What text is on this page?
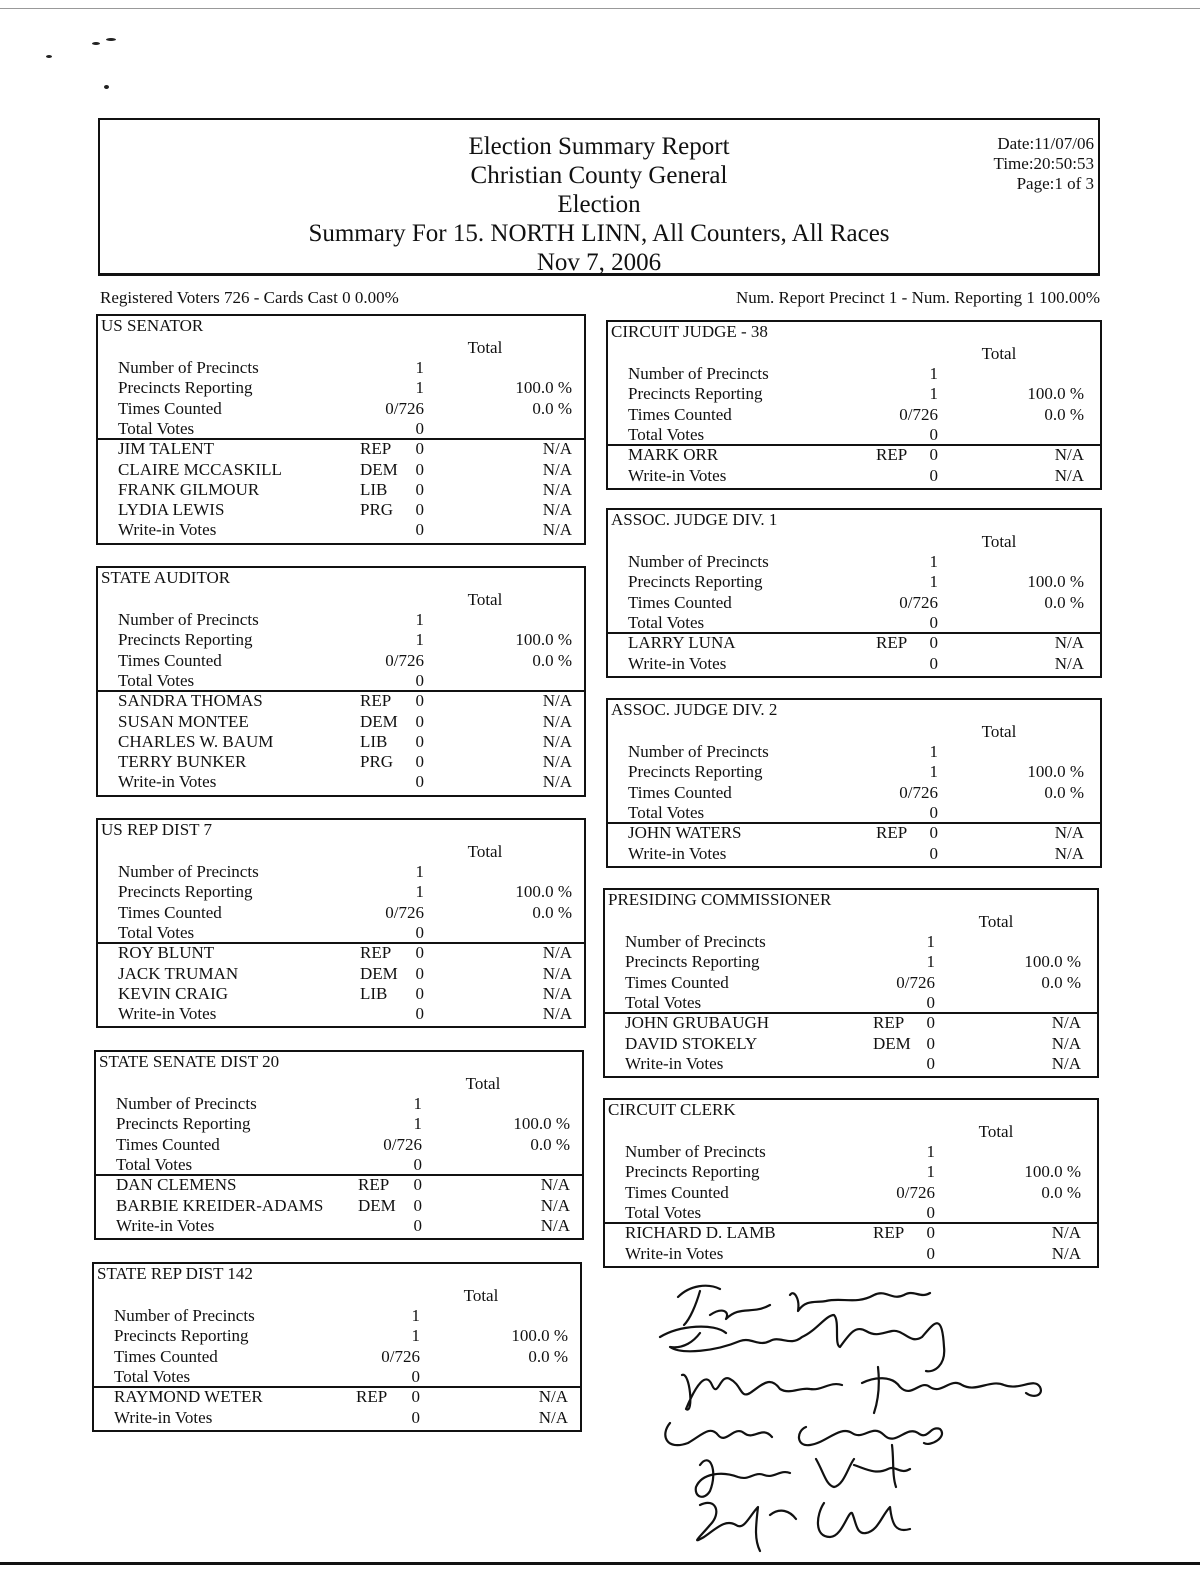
Election Summary Report
Christian County General
Election
Summary For 15. NORTH LINN, All Counters, All Races
Nov 7, 2006
Date:11/07/06
Time:20:50:53
Page:1 of 3
Registered Voters 726 - Cards Cast 0 0.00%	Num. Report Precinct 1 - Num. Reporting 1 100.00%
US SENATOR
Total
Number of Precincts	1
Precincts Reporting	1	100.0 %
Times Counted	0/726	0.0 %
Total Votes	0
JIM TALENT	REP	0	N/A
CLAIRE MCCASKILL	DEM	0	N/A
FRANK GILMOUR	LIB	0	N/A
LYDIA LEWIS	PRG	0	N/A
Write-in Votes	0	N/A
STATE AUDITOR
Total
Number of Precincts	1
Precincts Reporting	1	100.0 %
Times Counted	0/726	0.0 %
Total Votes	0
SANDRA THOMAS	REP	0	N/A
SUSAN MONTEE	DEM	0	N/A
CHARLES W. BAUM	LIB	0	N/A
TERRY BUNKER	PRG	0	N/A
Write-in Votes	0	N/A
US REP DIST 7
Total
Number of Precincts	1
Precincts Reporting	1	100.0 %
Times Counted	0/726	0.0 %
Total Votes	0
ROY BLUNT	REP	0	N/A
JACK TRUMAN	DEM	0	N/A
KEVIN CRAIG	LIB	0	N/A
Write-in Votes	0	N/A
STATE SENATE DIST 20
Total
Number of Precincts	1
Precincts Reporting	1	100.0 %
Times Counted	0/726	0.0 %
Total Votes	0
DAN CLEMENS	REP	0	N/A
BARBIE KREIDER-ADAMS DEM	0	N/A
Write-in Votes	0	N/A
STATE REP DIST 142
Total
Number of Precincts	1
Precincts Reporting	1	100.0 %
Times Counted	0/726	0.0 %
Total Votes	0
RAYMOND WETER	REP	0	N/A
Write-in Votes	0	N/A
CIRCUIT JUDGE - 38
Total
Number of Precincts	1
Precincts Reporting	1	100.0 %
Times Counted	0/726	0.0 %
Total Votes	0
MARK ORR	REP	0	N/A
Write-in Votes	0	N/A
ASSOC. JUDGE DIV. 1
Total
Number of Precincts	1
Precincts Reporting	1	100.0 %
Times Counted	0/726	0.0 %
Total Votes	0
LARRY LUNA	REP	0	N/A
Write-in Votes	0	N/A
ASSOC. JUDGE DIV. 2
Total
Number of Precincts	1
Precincts Reporting	1	100.0 %
Times Counted	0/726	0.0 %
Total Votes	0
JOHN WATERS	REP	0	N/A
Write-in Votes	0	N/A
PRESIDING COMMISSIONER
Total
Number of Precincts	1
Precincts Reporting	1	100.0 %
Times Counted	0/726	0.0 %
Total Votes	0
JOHN GRUBAUGH	REP	0	N/A
DAVID STOKELY	DEM 0	N/A
Write-in Votes	0	N/A
CIRCUIT CLERK
Total
Number of Precincts	1
Precincts Reporting	1	100.0 %
Times Counted	0/726	0.0 %
Total Votes	0
RICHARD D. LAMB	REP	0	N/A
Write-in Votes	0	N/A
